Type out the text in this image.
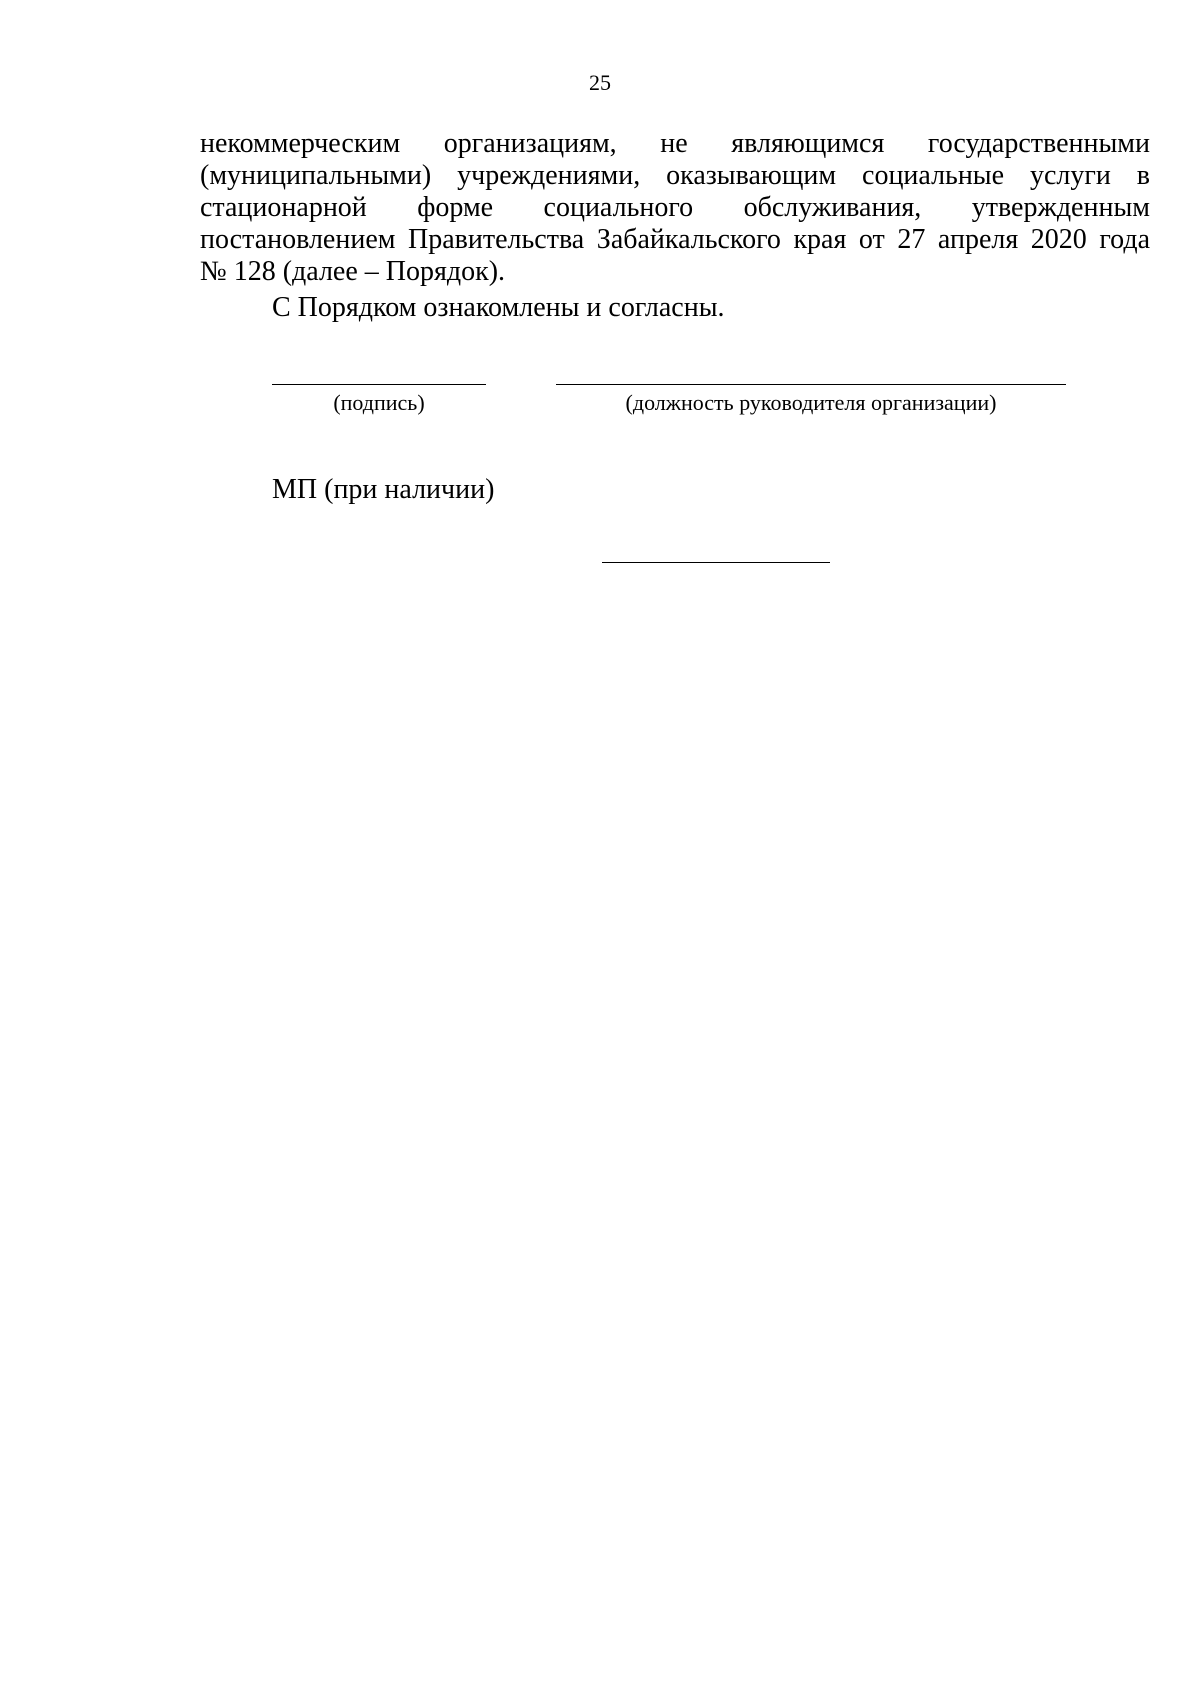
25
некоммерческим организациям, не являющимся государственными
(муниципальными) учреждениями, оказывающим социальные услуги в
стационарной форме социального обслуживания, утвержденным
постановлением Правительства Забайкальского края от 27 апреля 2020 года
№ 128 (далее – Порядок).
С Порядком ознакомлены и согласны.
(подпись)	(должность руководителя организации)
МП (при наличии)
